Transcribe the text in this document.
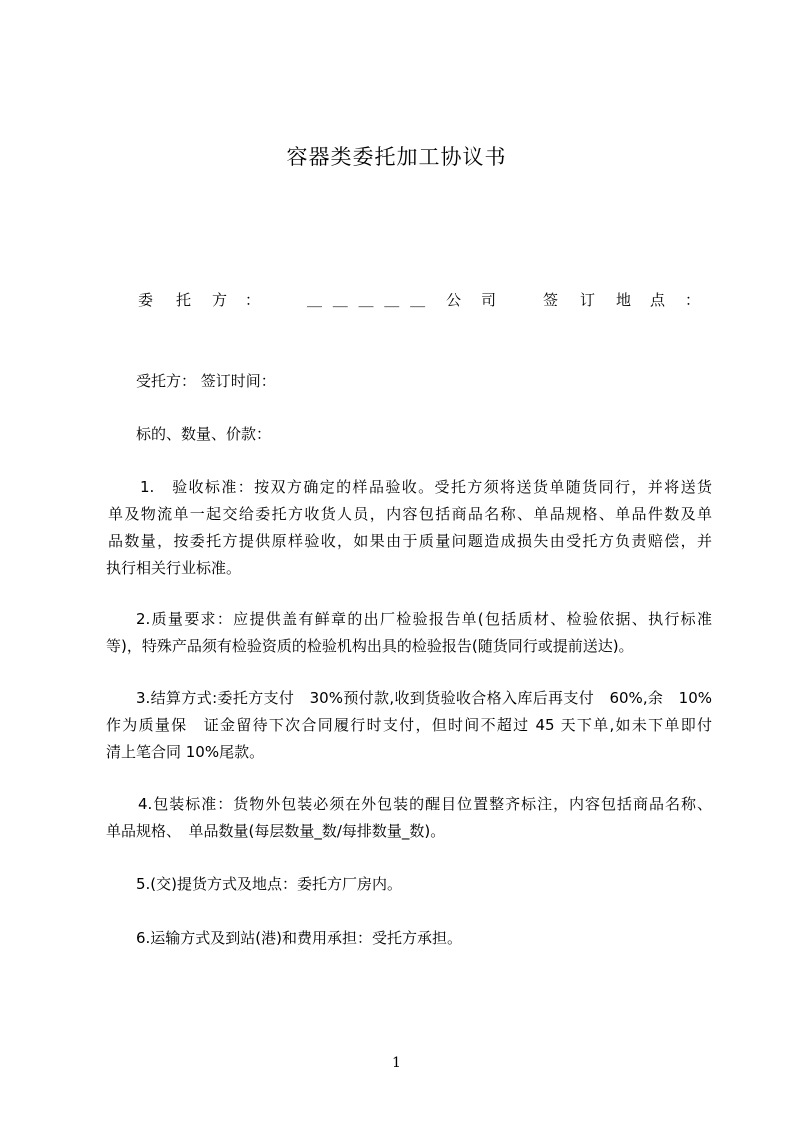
容器类委托加工协议书
委 托 方 ：	＿ ＿ ＿ ＿ ＿ 公 司	签 订 地 点 ：
受托方： 签订时间：
标的、数量、价款：
1.　验收标准：按双方确定的样品验收。受托方须将送货单随货同行，并将送货
单及物流单一起交给委托方收货人员，内容包括商品名称、单品规格、单品件数及单
品数量，按委托方提供原样验收，如果由于质量问题造成损失由受托方负责赔偿，并
执行相关行业标准。
2.质量要求：应提供盖有鲜章的出厂检验报告单(包括质材、检验依据、执行标准
等)，特殊产品须有检验资质的检验机构出具的检验报告(随货同行或提前送达)。
3.结算方式:委托方支付　30%预付款,收到货验收合格入库后再支付　60%,余　10%
作为质量保　证金留待下次合同履行时支付，但时间不超过 45 天下单,如未下单即付
清上笔合同 10%尾款。
4.包装标准：货物外包装必须在外包装的醒目位置整齐标注，内容包括商品名称、
单品规格、　单品数量(每层数量_数/每排数量_数)。
5.(交)提货方式及地点：委托方厂房内。
6.运输方式及到站(港)和费用承担：受托方承担。
1
